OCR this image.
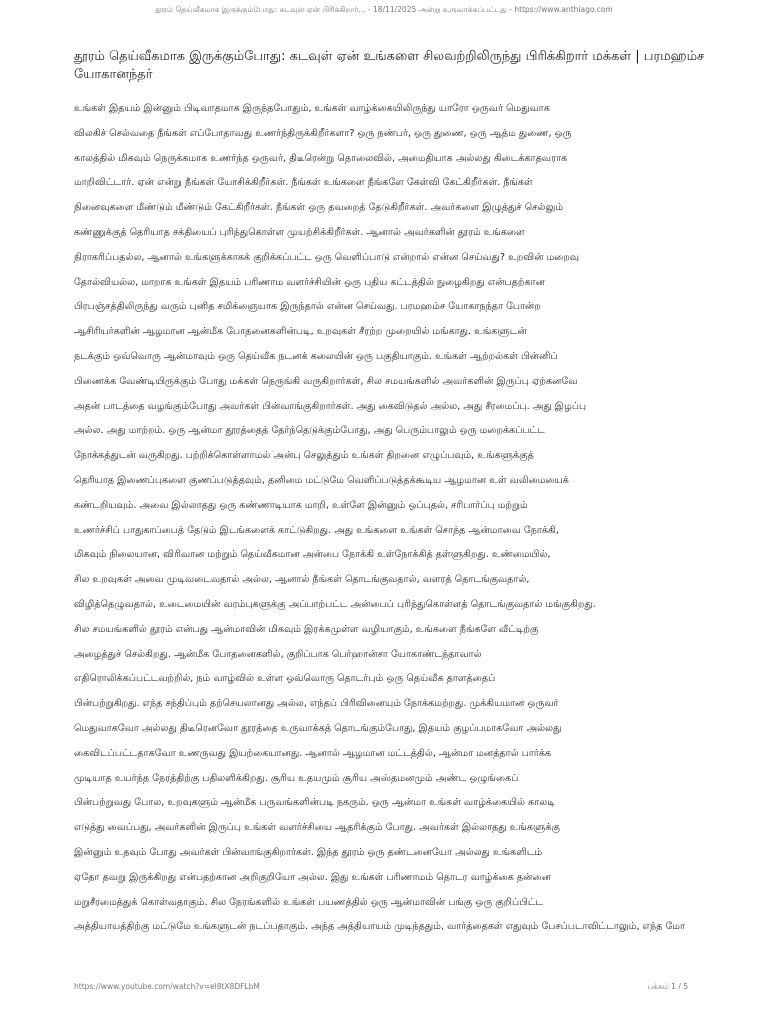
தூரம் தெய்வீகமாக இருக்கும்போது: கடவுள் ஏன் பிரிக்கிறார்... - 18/11/2025 அன்று உருவாக்கப்பட்டது - https://www.anthiago.com
தூரம் தெய்வீகமாக இருக்கும்போது: கடவுள் ஏன் உங்களை சிலவற்றிலிருந்து பிரிக்கிறார் மக்கள் | பரமஹம்ச யோகானந்தர்
உங்கள் இதயம் இன்னும் பிடிவாதமாக இருந்தபோதும், உங்கள் வாழ்க்கையிலிருந்து யாரோ ஒருவர் மெதுவாக
விலகிச் செல்வதை நீங்கள் எப்போதாவது உணர்ந்திருக்கிறீர்களா? ஒரு நண்பர், ஒரு துணை, ஒரு ஆத்ம துணை, ஒரு
காலத்தில் மிகவும் நெருக்கமாக உணர்ந்த ஒருவர், திடீரென்று தொலைவில், அமைதியாக அல்லது கிடைக்காதவராக
மாறிவிட்டார். ஏன் என்று நீங்கள் யோசிக்கிறீர்கள். நீங்கள் உங்களை நீங்களே கேள்வி கேட்கிறீர்கள். நீங்கள்
நினைவுகளை மீண்டும் மீண்டும் கேட்கிறீர்கள். நீங்கள் ஒரு தவறைத் தேடுகிறீர்கள். அவர்களை இழுத்துச் செல்லும்
கண்ணுக்குத் தெரியாத சக்தியைப் புரிந்துகொள்ள முயற்சிக்கிறீர்கள். ஆனால் அவர்களின் தூரம் உங்களை
நிராகரிப்பதல்ல, ஆனால் உங்களுக்காகக் குறிக்கப்பட்ட ஒரு வெளிப்பாடு என்றால் என்ன செய்வது? உறவின் மறைவு
தோல்வியல்ல, மாறாக உங்கள் இதயம் பரிணாம வளர்ச்சியின் ஒரு புதிய கட்டத்தில் நுழைகிறது என்பதற்கான
பிரபஞ்சத்திலிருந்து வரும் புனித சமிக்ஞையாக இருந்தால் என்ன செய்வது. பரமஹம்ச யோகாநந்தா போன்ற
ஆசிரியர்களின் ஆழமான ஆன்மீக போதனைகளின்படி, உறவுகள் சீரற்ற முறையில் மங்காது. உங்களுடன்
நடக்கும் ஒவ்வொரு ஆன்மாவும் ஒரு தெய்வீக நடனக் கலையின் ஒரு பகுதியாகும். உங்கள் ஆற்றல்கள் பின்னிப்
பிணைக்க வேண்டியிருக்கும் போது மக்கள் நெருங்கி வருகிறார்கள், சில சமயங்களில் அவர்களின் இருப்பு ஏற்கனவே
அதன் பாடத்தை வழங்கும்போது அவர்கள் பின்வாங்குகிறார்கள். அது கைவிடுதல் அல்ல, அது சீரமைப்பு. அது இழப்பு
அல்ல. அது மாற்றம். ஒரு ஆன்மா தூரத்தைத் தேர்ந்தெடுக்கும்போது, அது பெரும்பாலும் ஒரு மறைக்கப்பட்ட
நோக்கத்துடன் வருகிறது. பற்றிக்கொள்ளாமல் அன்பு செலுத்தும் உங்கள் திறனை எழுப்பவும், உங்களுக்குத்
தெரியாத இணைப்புகளை குணப்படுத்தவும், தனிமை மட்டுமே வெளிப்படுத்தக்கூடிய ஆழமான உள் வலிமையைக்
கண்டறியவும். அவை இல்லாதது ஒரு கண்ணாடியாக மாறி, உள்ளே இன்னும் ஒப்புதல், சரிபார்ப்பு மற்றும்
உணர்ச்சிப் பாதுகாப்பைத் தேடும் இடங்களைக் காட்டுகிறது. அது உங்களை உங்கள் சொந்த ஆன்மாவை நோக்கி,
மிகவும் நிலையான, விரிவான மற்றும் தெய்வீகமான அன்பை நோக்கி உள்நோக்கித் தள்ளுகிறது. உண்மையில்,
சில உறவுகள் அவை முடிவடைவதால் அல்ல, ஆனால் நீங்கள் தொடங்குவதால், வளரத் தொடங்குவதால்,
விழித்தெழுவதால், உடைமையின் வரம்புகளுக்கு அப்பாற்பட்ட அன்பைப் புரிந்துகொள்ளத் தொடங்குவதால் மங்குகிறது.
சில சமயங்களில் தூரம் என்பது ஆன்மாவின் மிகவும் இரக்கமுள்ள வழியாகும், உங்களை நீங்களே வீட்டிற்கு
அழைத்துச் செல்கிறது. ஆன்மீக போதனைகளில், குறிப்பாக பெர்ஹான்சா யோகாண்டந்தாவால்
எதிரொலிக்கப்பட்டவற்றில், நம் வாழ்வில் உள்ள ஒவ்வொரு தொடர்பும் ஒரு தெய்வீக தாளத்தைப்
பின்பற்றுகிறது. எந்த சந்திப்பும் தற்செயலானது அல்ல, எந்தப் பிரிவினையும் நோக்கமற்றது. முக்கியமான ஒருவர்
மெதுவாகவோ அல்லது திடீரெனவோ தூரத்தை உருவாக்கத் தொடங்கும்போது, இதயம் குழப்பமாகவோ அல்லது
கைவிடப்பட்டதாகவோ உணருவது இயற்கையானது. ஆனால் ஆழமான மட்டத்தில், ஆன்மா மனத்தால் பார்க்க
முடியாத உயர்ந்த நேரத்திற்கு பதிலளிக்கிறது. சூரிய உதயமும் சூரிய அஸ்தமனமும் அண்ட ஒழுங்கைப்
பின்பற்றுவது போல, உறவுகளும் ஆன்மீக பருவங்களின்படி நகரும். ஒரு ஆன்மா உங்கள் வாழ்க்கையில் காலடி
எடுத்து வைப்பது, அவர்களின் இருப்பு உங்கள் வளர்ச்சியை ஆதரிக்கும் போது. அவர்கள் இல்லாதது உங்களுக்கு
இன்னும் உதவும் போது அவர்கள் பின்வாங்குகிறார்கள். இந்த தூரம் ஒரு தண்டனையோ அல்லது உங்களிடம்
ஏதோ தவறு இருக்கிறது என்பதற்கான அறிகுறியோ அல்ல. இது உங்கள் பரிணாமம் தொடர வாழ்க்கை தன்னை
மறுசீரமைத்துக் கொள்வதாகும். சில நேரங்களில் உங்கள் பயணத்தில் ஒரு ஆன்மாவின் பங்கு ஒரு குறிப்பிட்ட
அத்தியாயத்திற்கு மட்டுமே உங்களுடன் நடப்பதாகும். அந்த அத்தியாயம் முடிந்ததும், வார்த்தைகள் எதுவும் பேசப்படாவிட்டாலும், எந்த மோ
https://www.youtube.com/watch?v=el8tX8DFLbM	பக்கம் 1 / 5
